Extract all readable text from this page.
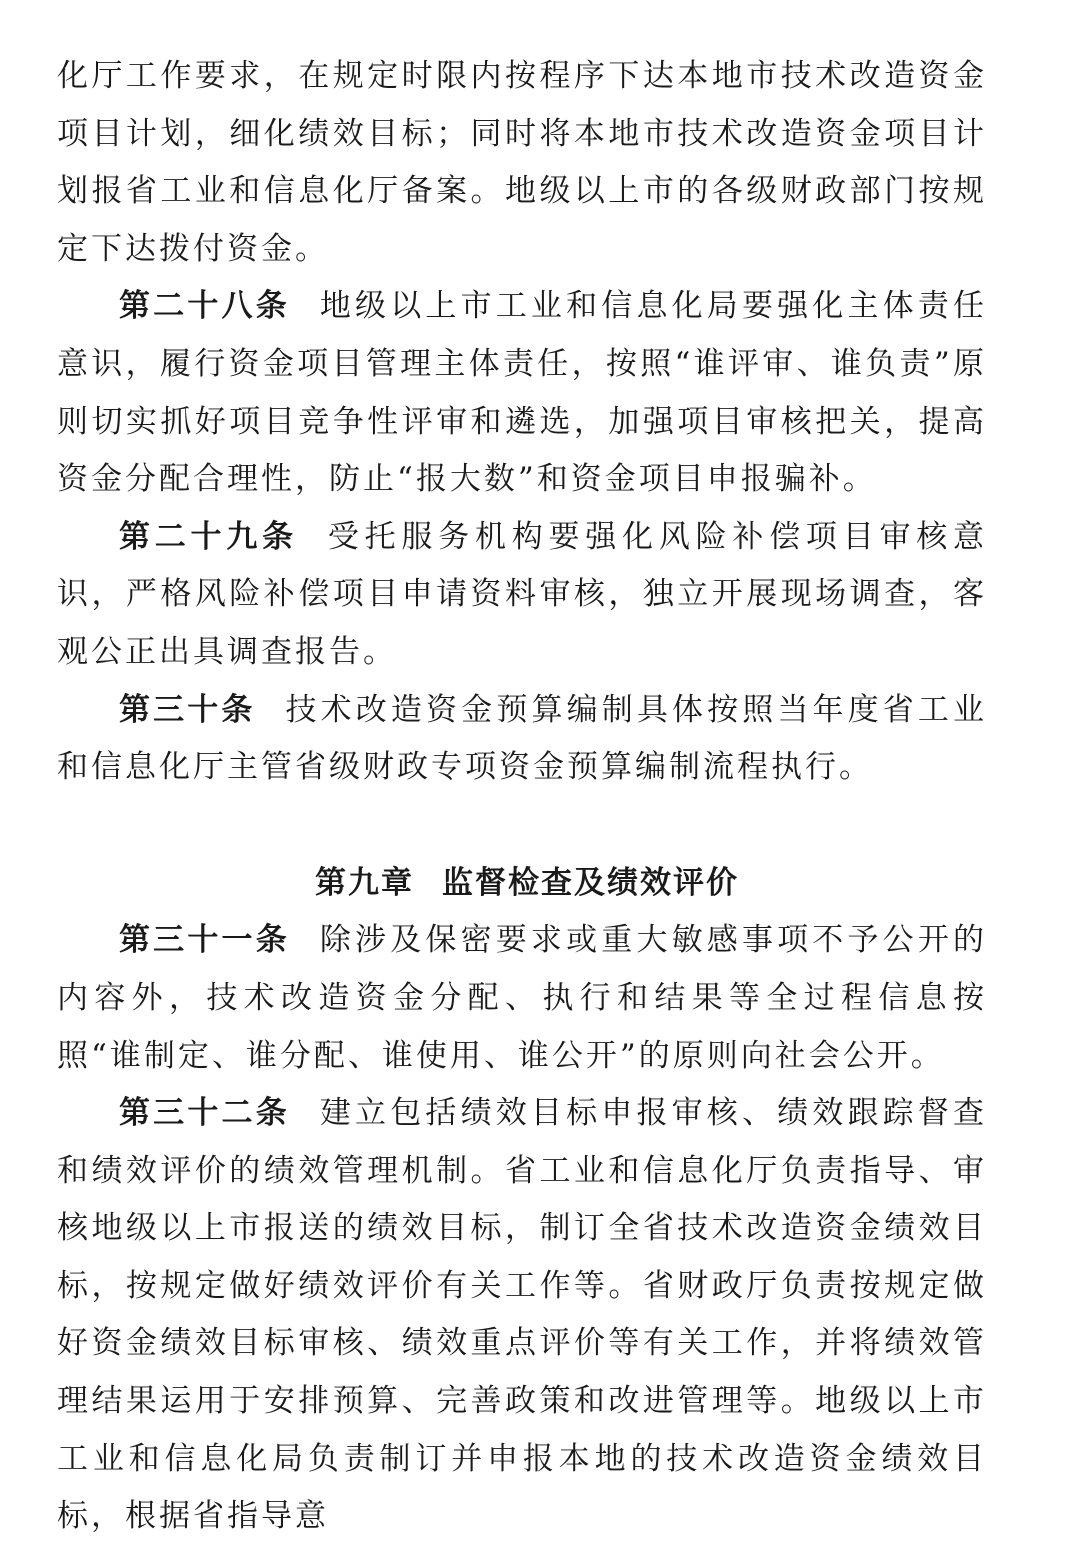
化厅工作要求，在规定时限内按程序下达本地市技术改造资金项目计划，细化绩效目标；同时将本地市技术改造资金项目计划报省工业和信息化厅备案。地级以上市的各级财政部门按规定下达拨付资金。

第二十八条 地级以上市工业和信息化局要强化主体责任意识，履行资金项目管理主体责任，按照“谁评审、谁负责”原则切实抓好项目竞争性评审和遴选，加强项目审核把关，提高资金分配合理性，防止“报大数”和资金项目申报骗补。

第二十九条 受托服务机构要强化风险补偿项目审核意识，严格风险补偿项目申请资料审核，独立开展现场调查，客观公正出具调查报告。

第三十条 技术改造资金预算编制具体按照当年度省工业和信息化厅主管省级财政专项资金预算编制流程执行。

第九章 监督检查及绩效评价

第三十一条 除涉及保密要求或重大敏感事项不予公开的内容外，技术改造资金分配、执行和结果等全过程信息按照“谁制定、谁分配、谁使用、谁公开”的原则向社会公开。

第三十二条 建立包括绩效目标申报审核、绩效跟踪督查和绩效评价的绩效管理机制。省工业和信息化厅负责指导、审核地级以上市报送的绩效目标，制订全省技术改造资金绩效目标，按规定做好绩效评价有关工作等。省财政厅负责按规定做好资金绩效目标审核、绩效重点评价等有关工作，并将绩效管理结果运用于安排预算、完善政策和改进管理等。地级以上市工业和信息化局负责制订并申报本地的技术改造资金绩效目标，根据省指导意
